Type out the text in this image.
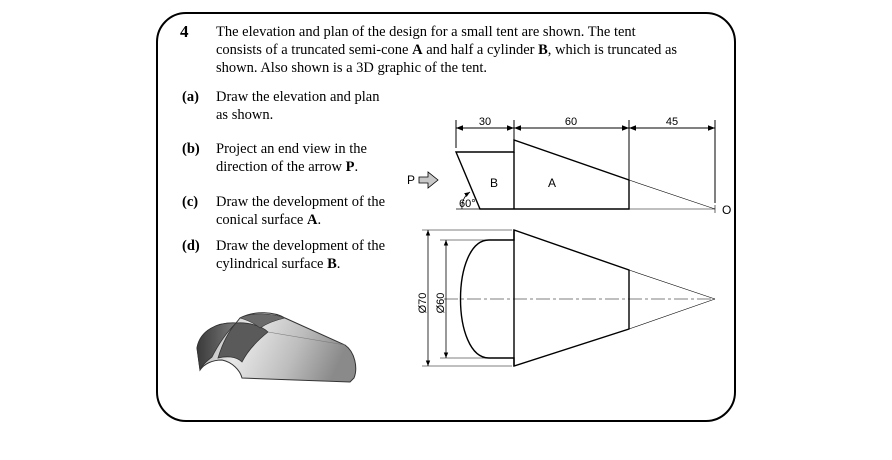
4 The elevation and plan of the design for a small tent are shown. The tent
consists of a truncated semi-cone A and half a cylinder B, which is truncated as
shown. Also shown is a 3D graphic of the tent.
(a) Draw the elevation and plan
as shown.
(b) Project an end view in the
direction of the arrow P.
(c) Draw the development of the
conical surface A.
(d) Draw the development of the
cylindrical surface B.
30	60	45
B	A
O
60°
P
Ø70 Ø60
